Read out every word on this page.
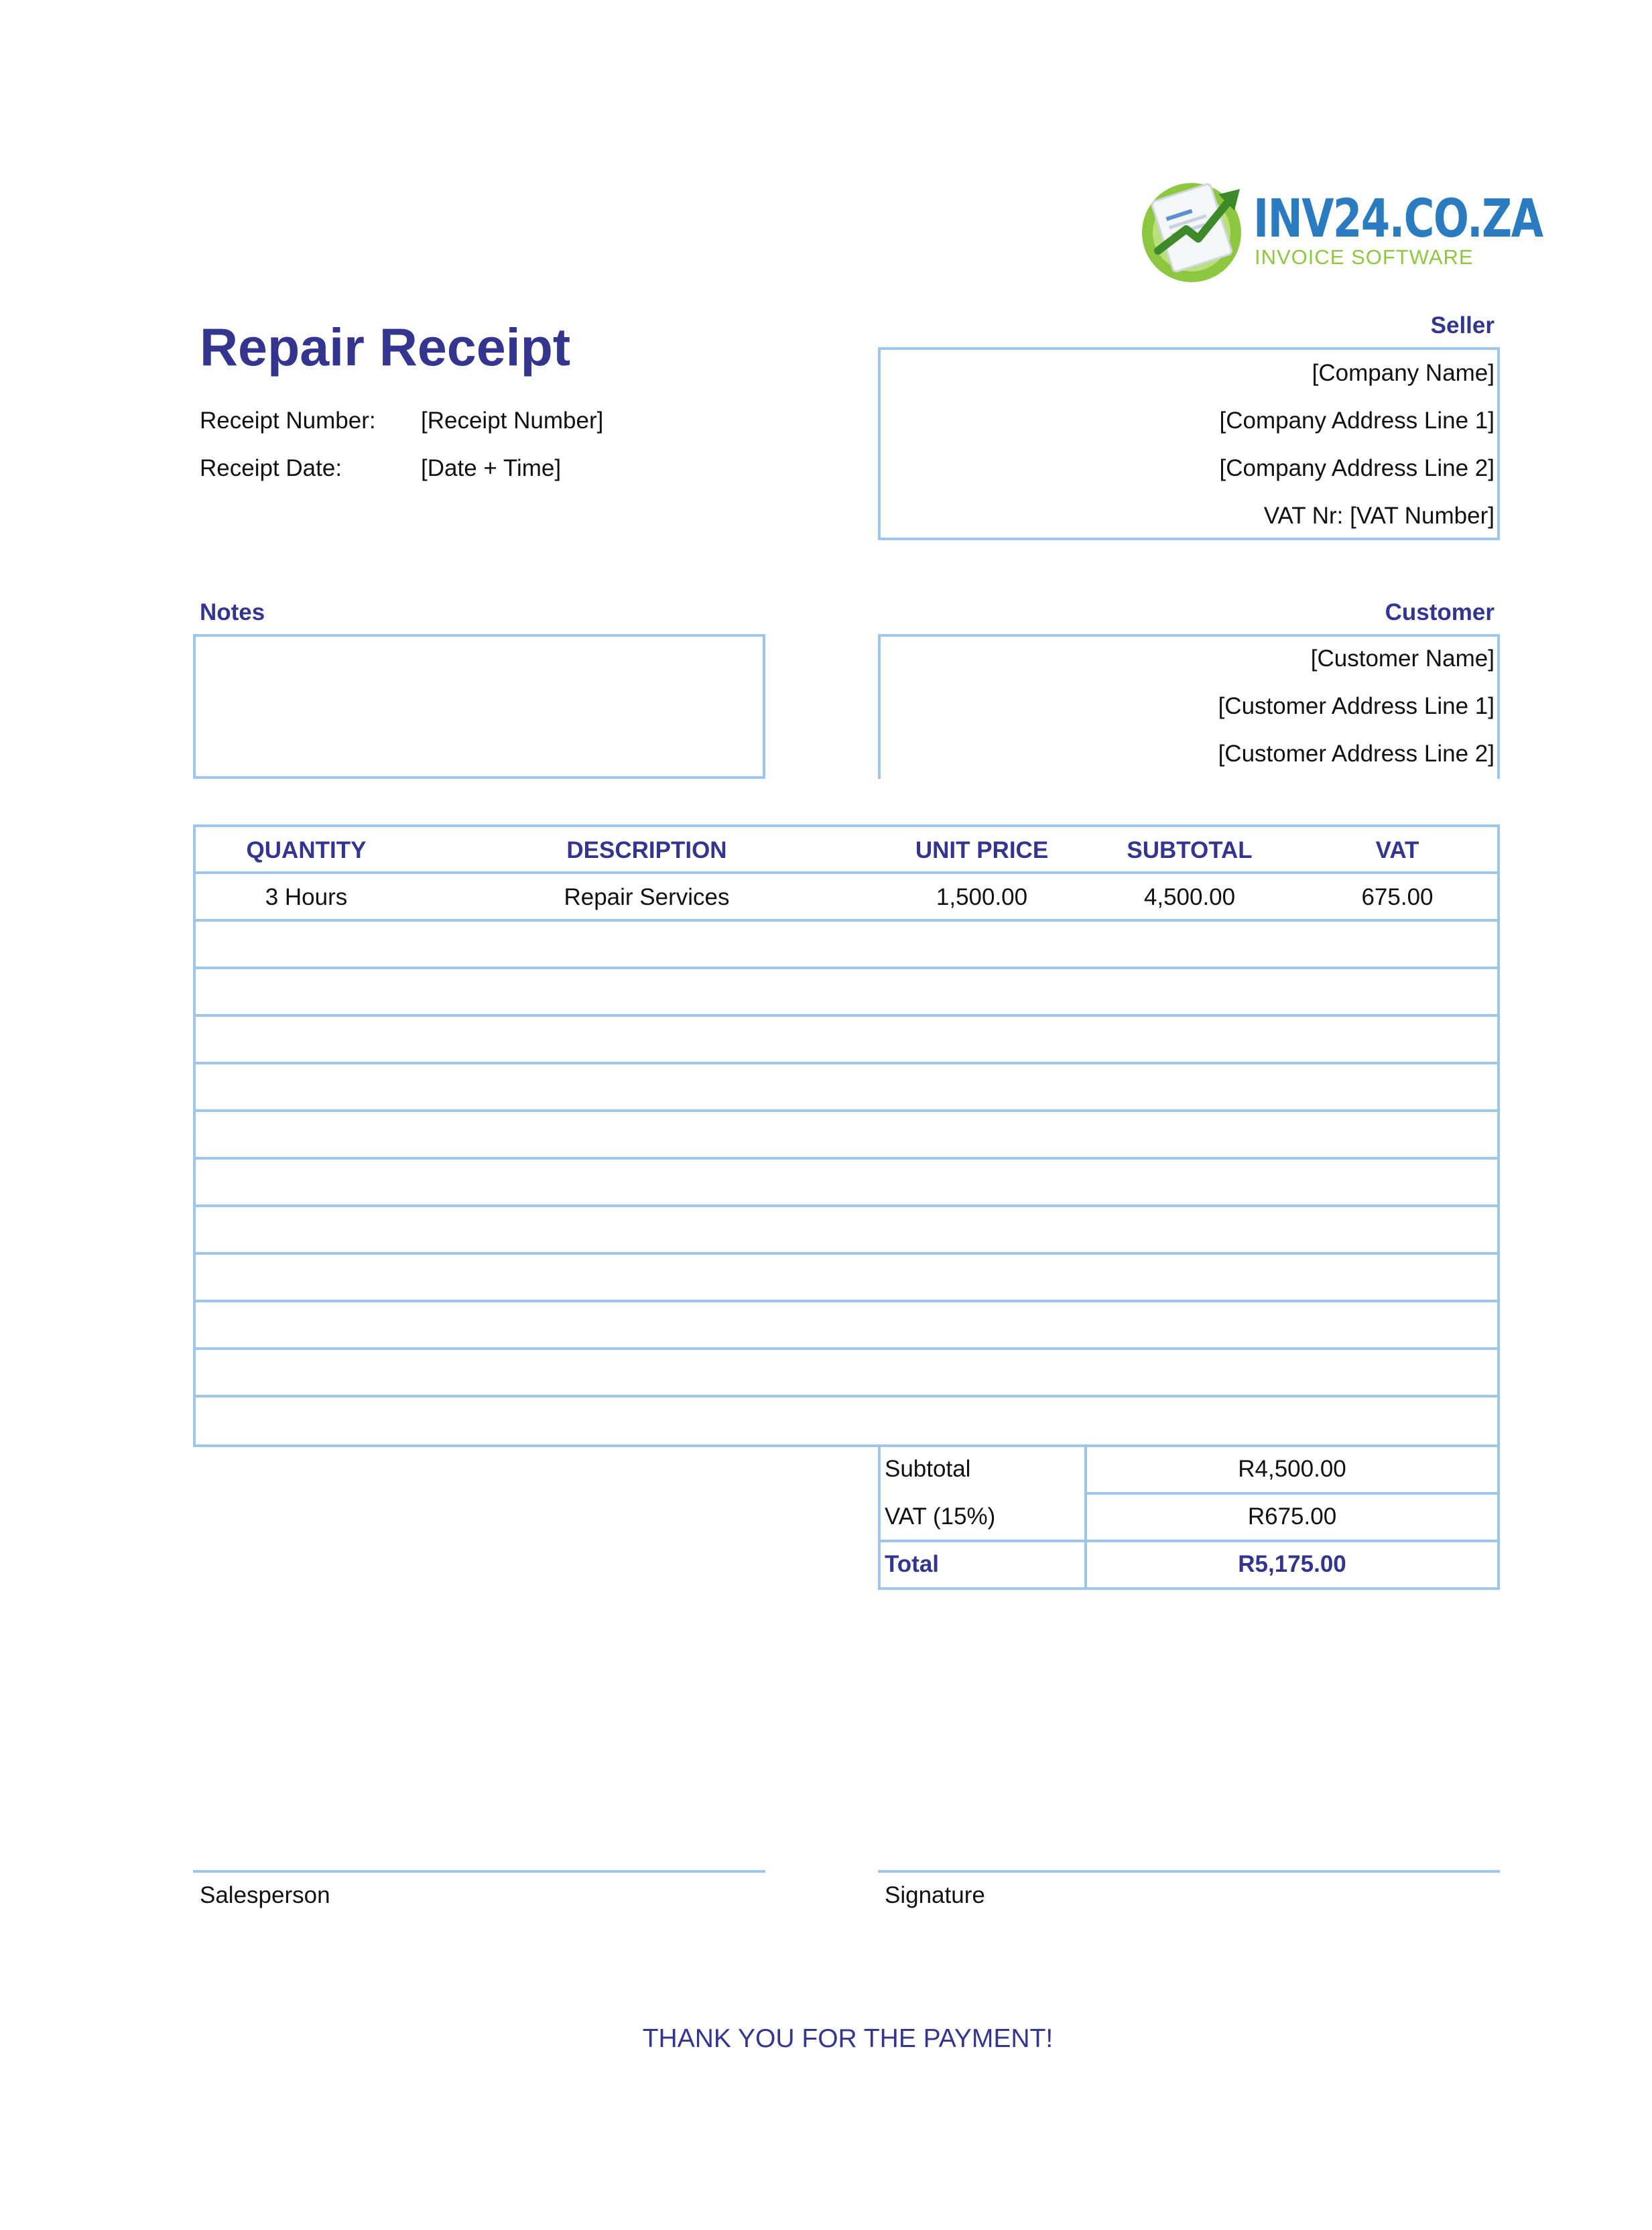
INV24.CO.ZA
INVOICE SOFTWARE
Repair Receipt
Receipt Number: [Receipt Number]
Receipt Date:	[Date + Time]
Seller
[Company Name]
[Company Address Line 1]
[Company Address Line 2]
VAT Nr: [VAT Number]
Notes	Customer
[Customer Name]
[Customer Address Line 1]
[Customer Address Line 2]
QUANTITY	DESCRIPTION	UNIT PRICE	SUBTOTAL	VAT
3 Hours	Repair Services	1,500.00	4,500.00	675.00
Subtotal	R4,500.00
VAT (15%)	R675.00
Total	R5,175.00
Salesperson	Signature
THANK YOU FOR THE PAYMENT!
